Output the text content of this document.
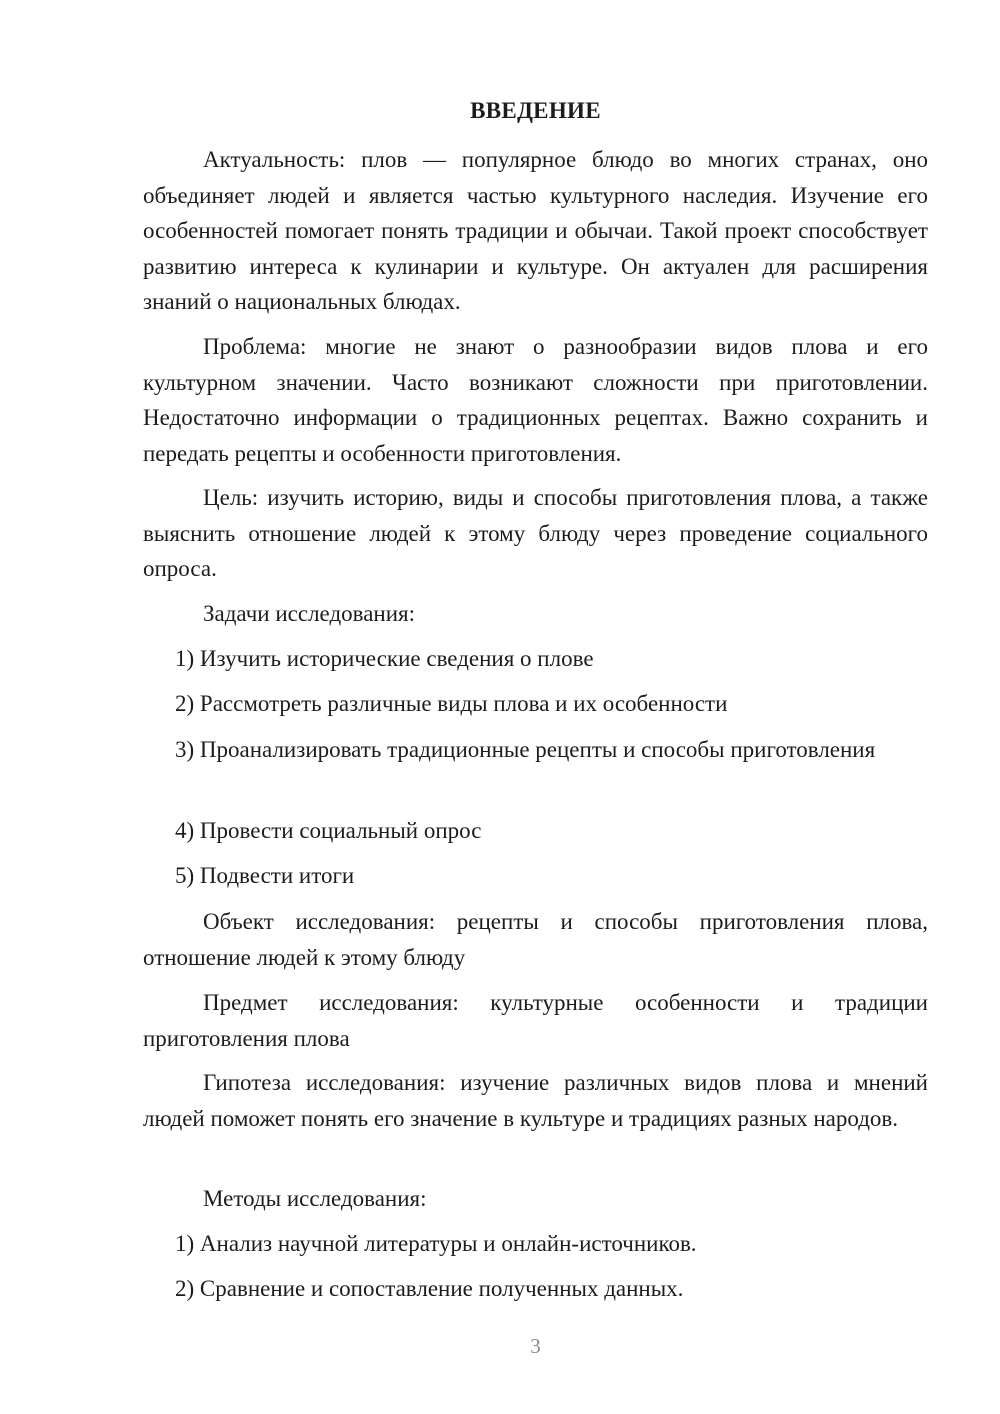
ВВЕДЕНИЕ

Актуальность: плов — популярное блюдо во многих странах, оно объединяет людей и является частью культурного наследия. Изучение его особенностей помогает понять традиции и обычаи. Такой проект способствует развитию интереса к кулинарии и культуре. Он актуален для расширения знаний о национальных блюдах.

Проблема: многие не знают о разнообразии видов плова и его культурном значении. Часто возникают сложности при приготовлении. Недостаточно информации о традиционных рецептах. Важно сохранить и передать рецепты и особенности приготовления.

Цель: изучить историю, виды и способы приготовления плова, а также выяснить отношение людей к этому блюду через проведение социального опроса.

Задачи исследования:

1) Изучить исторические сведения о плове

2) Рассмотреть различные виды плова и их особенности

3) Проанализировать традиционные рецепты и способы приготовления

4) Провести социальный опрос

5) Подвести итоги

Объект исследования: рецепты и способы приготовления плова, отношение людей к этому блюду

Предмет исследования: культурные особенности и традиции приготовления плова

Гипотеза исследования: изучение различных видов плова и мнений людей поможет понять его значение в культуре и традициях разных народов.

Методы исследования:

1) Анализ научной литературы и онлайн-источников.

2) Сравнение и сопоставление полученных данных.

3
